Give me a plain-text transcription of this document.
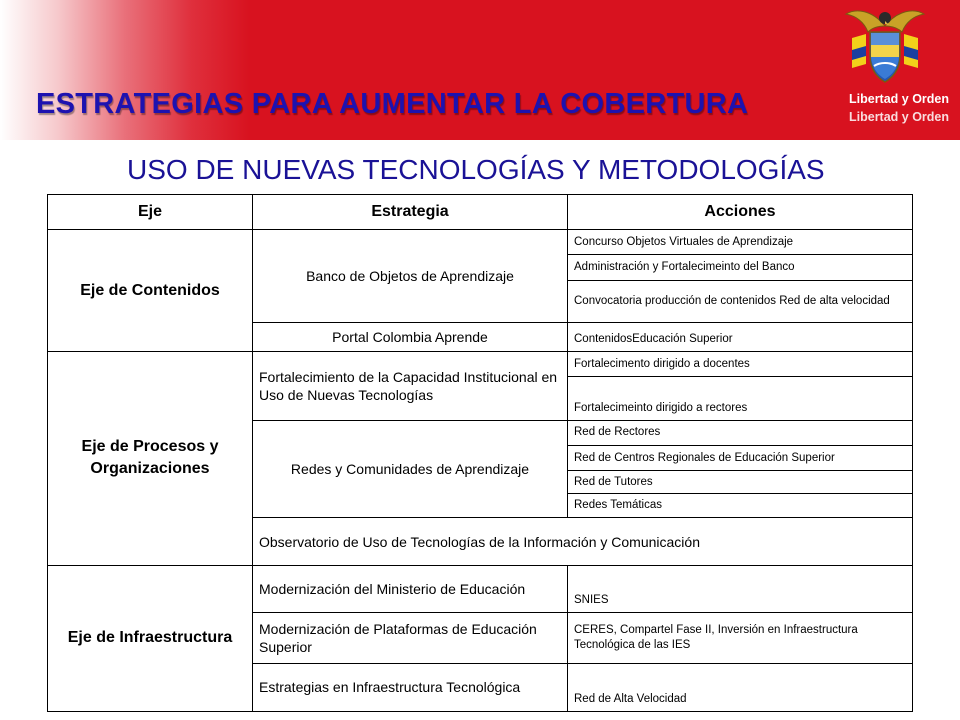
Libertad y Orden
Libertad y Orden
ESTRATEGIAS PARA AUMENTAR LA COBERTURA
USO DE NUEVAS TECNOLOGÍAS Y METODOLOGÍAS
Eje	Estrategia	Acciones
Eje de Contenidos	Banco de Objetos de Aprendizaje	Concurso Objetos Virtuales de Aprendizaje
		Administración y Fortalecimeinto del Banco
		Convocatoria producción de contenidos Red de alta velocidad
	Portal Colombia Aprende	ContenidosEducación Superior
Eje de Procesos y Organizaciones	Fortalecimiento de la Capacidad Institucional en Uso de Nuevas Tecnologías	Fortalecimento dirigido a docentes
		Fortalecimeinto dirigido a rectores
	Redes y Comunidades de Aprendizaje	Red de Rectores
		Red de Centros Regionales de Educación Superior
		Red de Tutores
		Redes Temáticas
	Observatorio de Uso de Tecnologías de la Información y Comunicación	
Eje de Infraestructura	Modernización del Ministerio de Educación	SNIES
	Modernización de Plataformas de Educación Superior	CERES, Compartel Fase II, Inversión en Infraestructura Tecnológica de las IES
	Estrategias en Infraestructura Tecnológica	Red de Alta Velocidad
